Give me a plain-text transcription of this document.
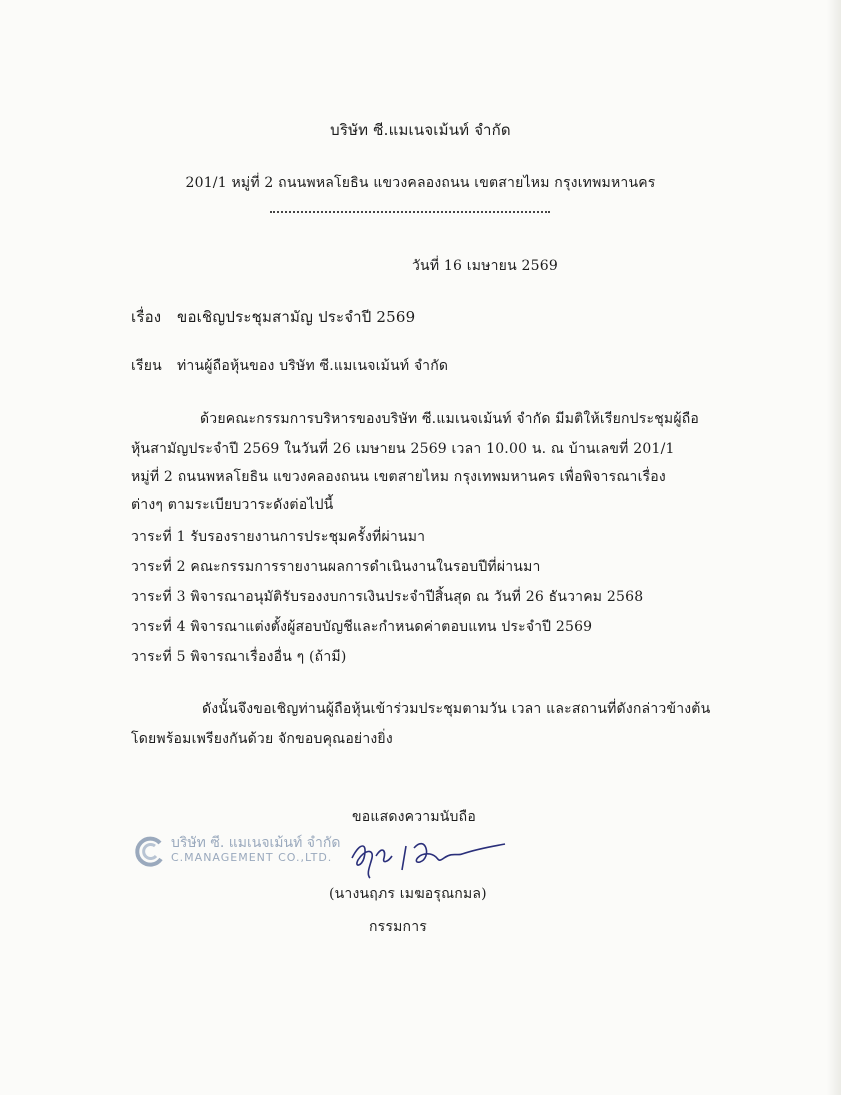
บริษัท ซี.แมเนจเม้นท์ จำกัด
201/1 หมู่ที่ 2 ถนนพหลโยธิน แขวงคลองถนน เขตสายไหม กรุงเทพมหานคร
วันที่ 16 เมษายน 2569
เรื่อง ขอเชิญประชุมสามัญ ประจำปี 2569
เรียน ท่านผู้ถือหุ้นของ บริษัท ซี.แมเนจเม้นท์ จำกัด
ด้วยคณะกรรมการบริหารของบริษัท ซี.แมเนจเม้นท์ จำกัด มีมติให้เรียกประชุมผู้ถือ
หุ้นสามัญประจำปี 2569 ในวันที่ 26 เมษายน 2569 เวลา 10.00 น. ณ บ้านเลขที่ 201/1
หมู่ที่ 2 ถนนพหลโยธิน แขวงคลองถนน เขตสายไหม กรุงเทพมหานคร เพื่อพิจารณาเรื่อง
ต่างๆ ตามระเบียบวาระดังต่อไปนี้
วาระที่ 1 รับรองรายงานการประชุมครั้งที่ผ่านมา
วาระที่ 2 คณะกรรมการรายงานผลการดำเนินงานในรอบปีที่ผ่านมา
วาระที่ 3 พิจารณาอนุมัติรับรองงบการเงินประจำปีสิ้นสุด ณ วันที่ 26 ธันวาคม 2568
วาระที่ 4 พิจารณาแต่งตั้งผู้สอบบัญชีและกำหนดค่าตอบแทน ประจำปี 2569
วาระที่ 5 พิจารณาเรื่องอื่น ๆ (ถ้ามี)
ดังนั้นจึงขอเชิญท่านผู้ถือหุ้นเข้าร่วมประชุมตามวัน เวลา และสถานที่ดังกล่าวข้างต้น
โดยพร้อมเพรียงกันด้วย จักขอบคุณอย่างยิ่ง
ขอแสดงความนับถือ
บริษัท ซี. แมเนจเม้นท์ จำกัด
C.MANAGEMENT CO.,LTD.
(นางนฤภร เมฆอรุณกมล)
กรรมการ
